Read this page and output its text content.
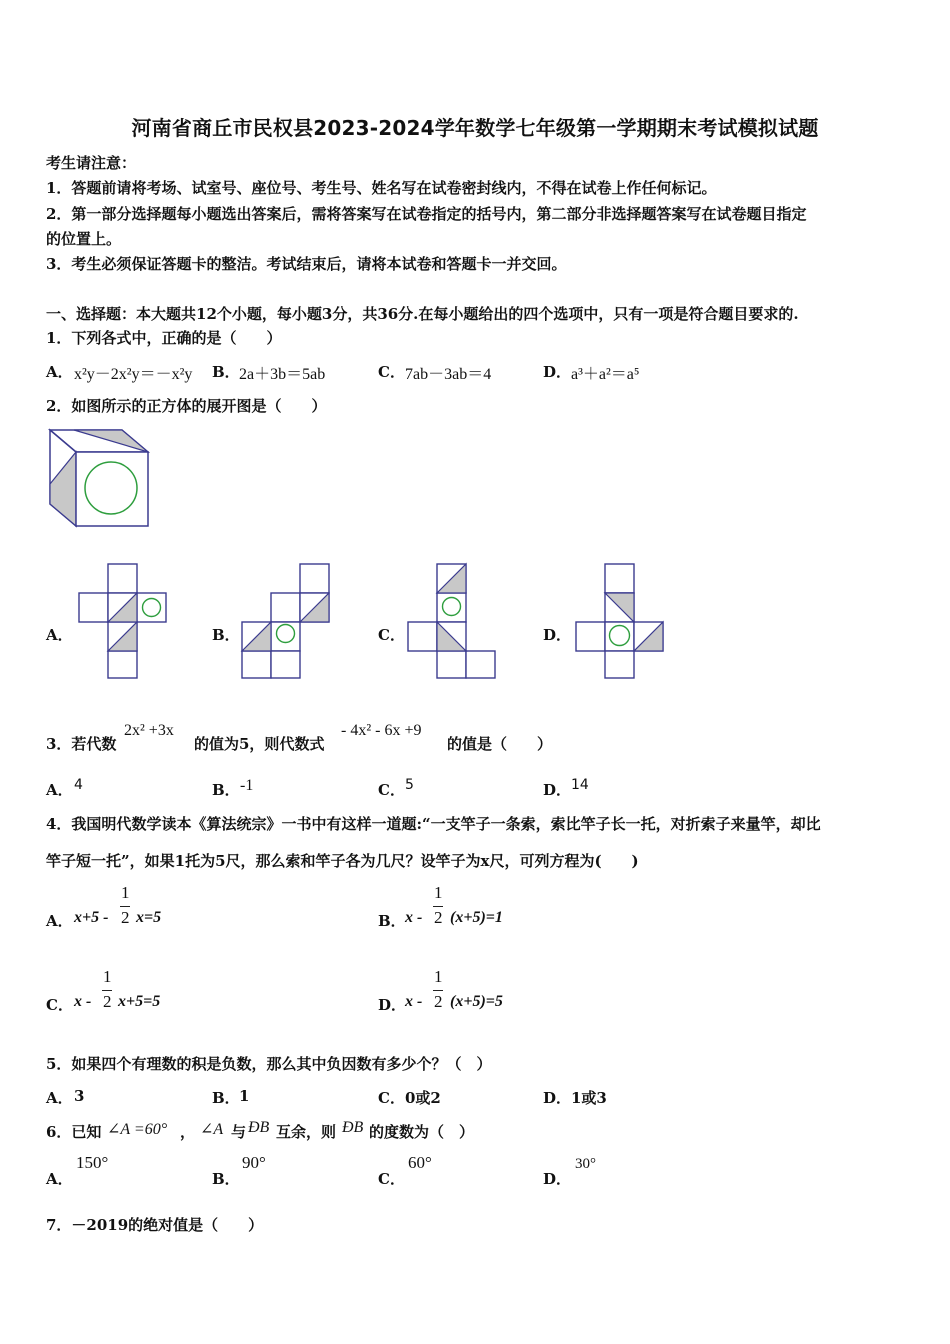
河南省商丘市民权县2023-2024学年数学七年级第一学期期末考试模拟试题
考生请注意：
1．答题前请将考场、试室号、座位号、考生号、姓名写在试卷密封线内，不得在试卷上作任何标记。
2．第一部分选择题每小题选出答案后，需将答案写在试卷指定的括号内，第二部分非选择题答案写在试卷题目指定
的位置上。
3．考生必须保证答题卡的整洁。考试结束后，请将本试卷和答题卡一并交回。
一、选择题：本大题共12个小题，每小题3分，共36分.在每小题给出的四个选项中，只有一项是符合题目要求的.
1．下列各式中，正确的是（　　）
A． x²y－2x²y＝－x²y B． 2a＋3b＝5ab	C． 7ab－3ab＝4	D． a³＋a²＝a⁵
2．如图所示的正方体的展开图是（　　）
A．	B．	C．	D．
3．若代数
2x² +3x
的值为5，则代数式
- 4x² - 6x +9
的值是（　　）
A． 4	B． -1	C． 5	D． 14
4．我国明代数学读本《算法统宗》一书中有这样一道题:“一支竿子一条索，索比竿子长一托，对折索子来量竿，却比
竿子短一托”，如果1托为5尺，那么索和竿子各为几尺？设竿子为x尺，可列方程为(　　)
A． x+5 -
1
2 x=5	B． x -
1
2 (x+5)=1
C． x -
1
2 x+5=5	D．
x -
1
2 (x+5)=5
5．如果四个有理数的积是负数，那么其中负因数有多少个？（　）
A． 3	B． 1	C． 0或2	D． 1或3
6．已知 ∠A =60° ， ∠A 与 ÐB 互余，则 ÐB 的度数为（　）
A．
150°
B．
90°
C．
60°
D．
30°
7．－2019的绝对值是（　　）
